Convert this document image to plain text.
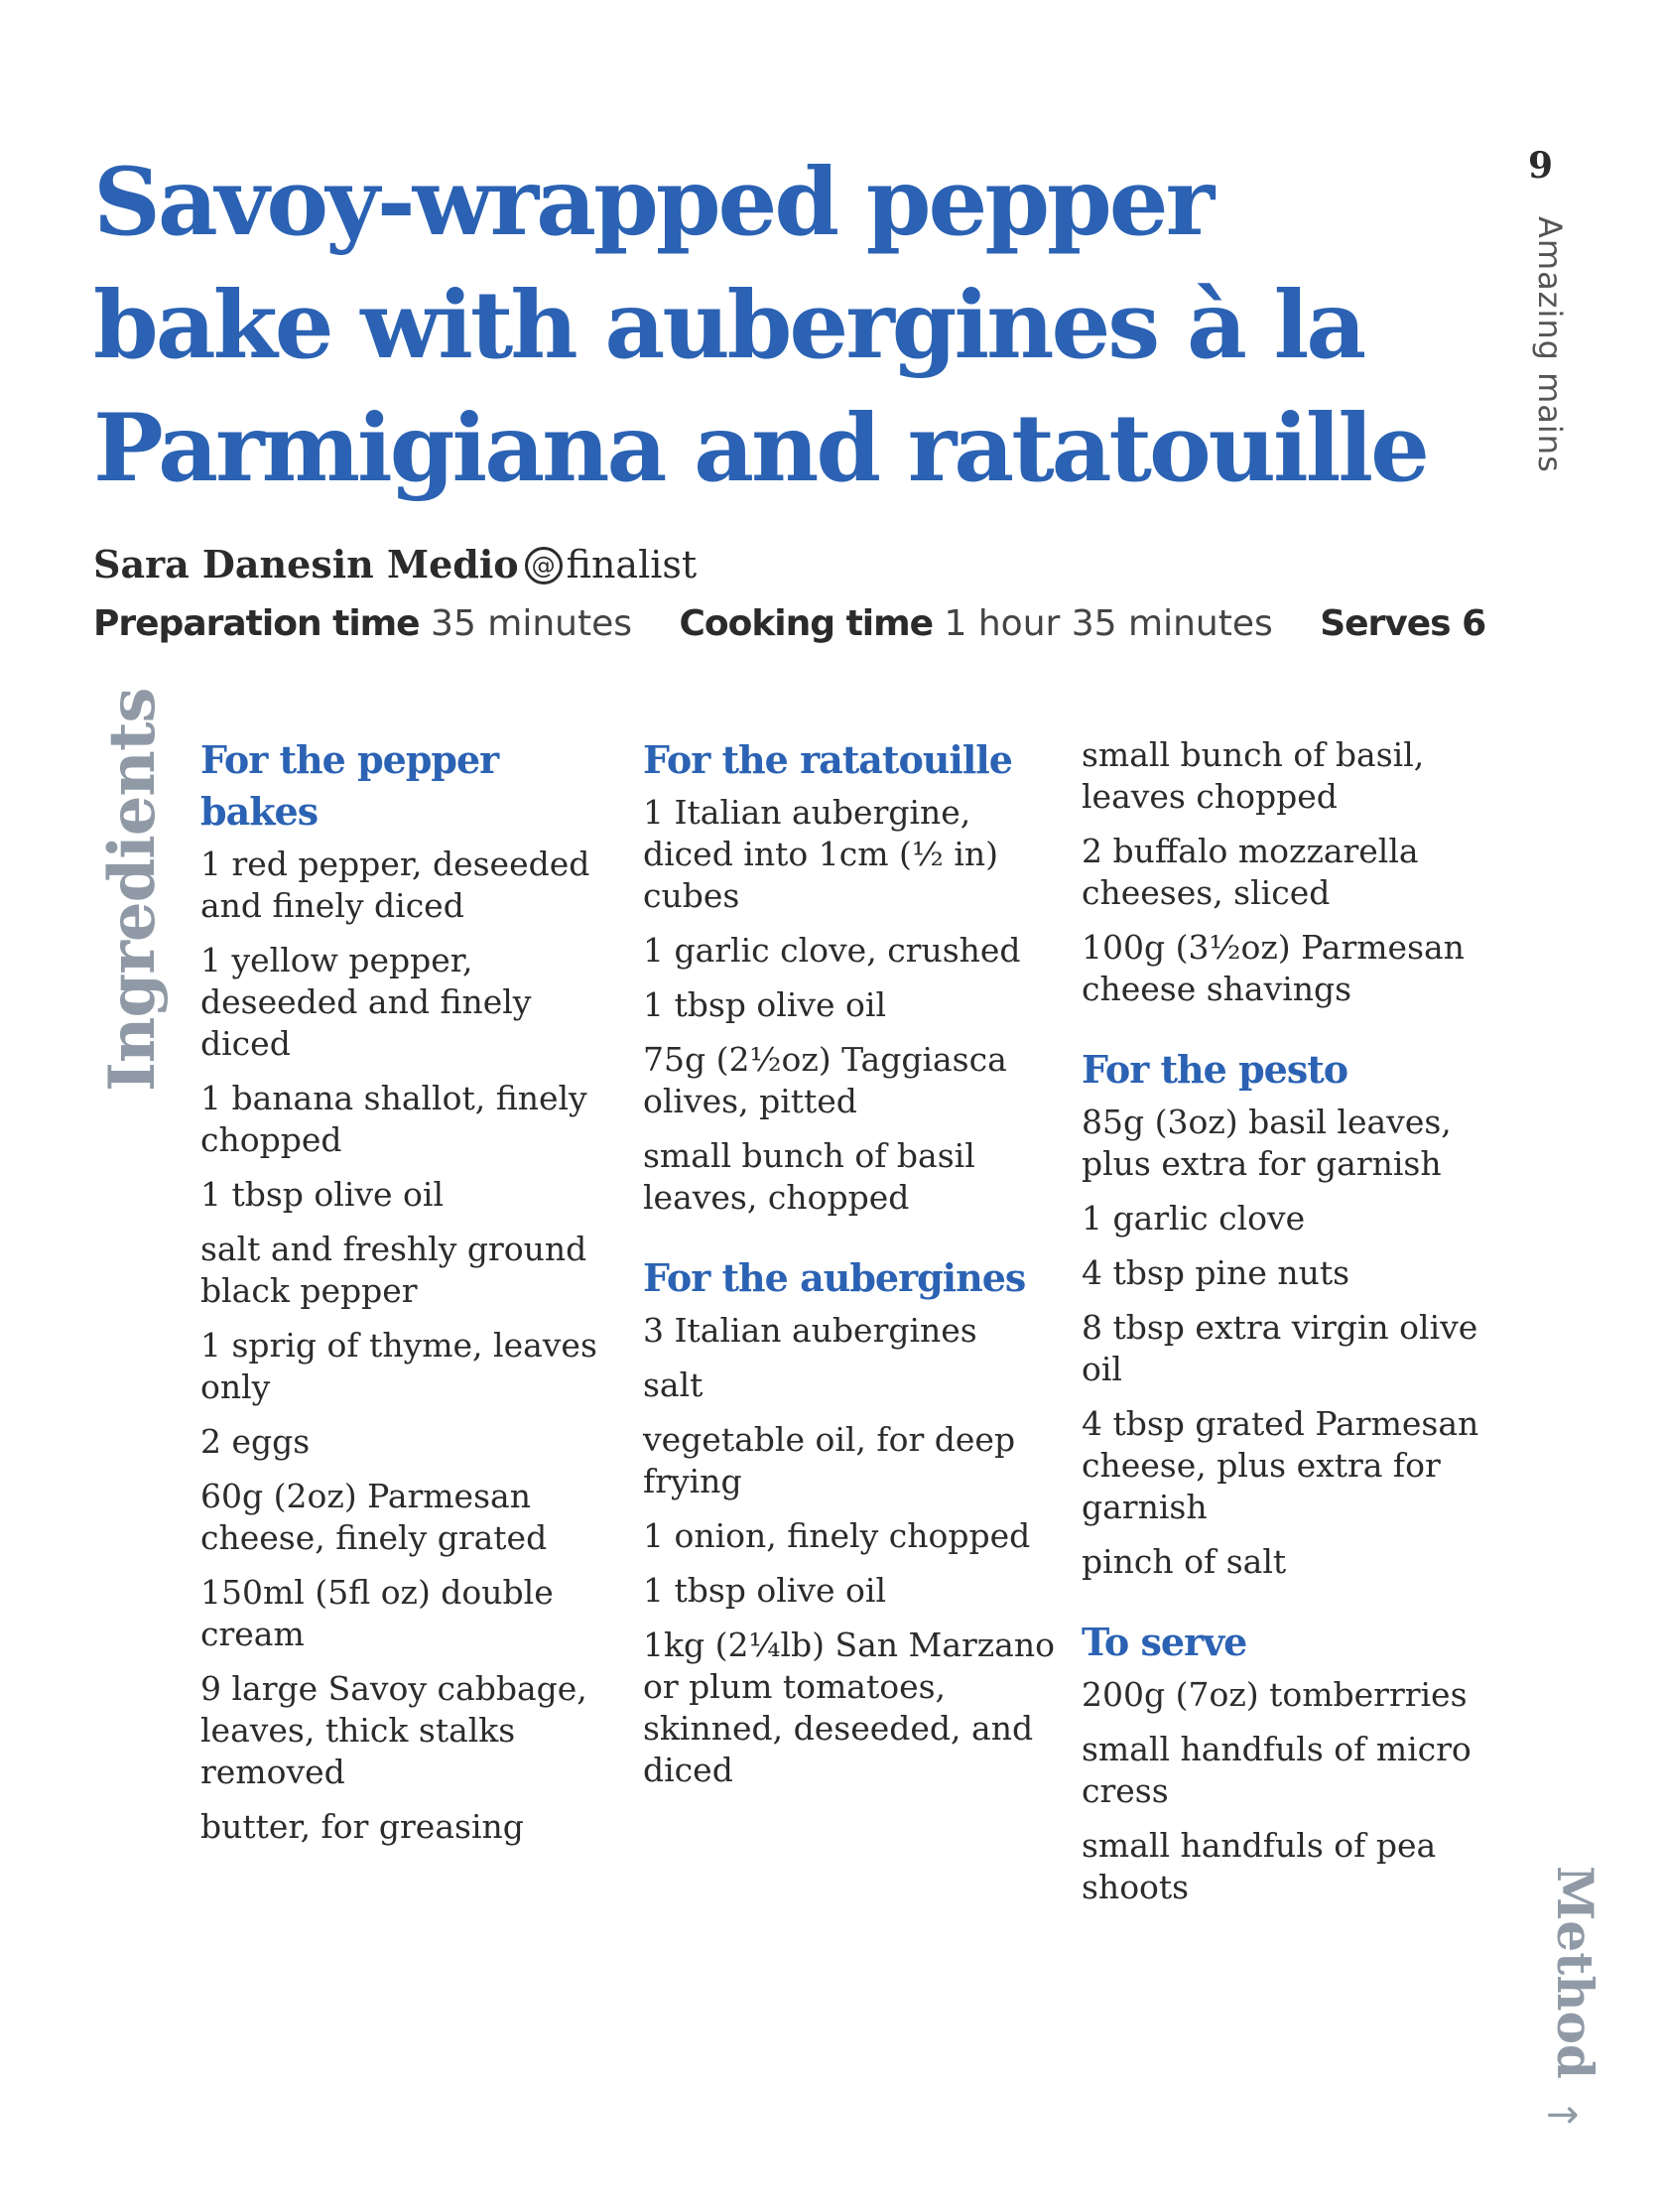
Savoy-wrapped pepper
bake with aubergines à la
Parmigiana and ratatouille
9
Amazing mains
Sara Danesin Medio @ finalist
Preparation time 35 minutes Cooking time 1 hour 35 minutes Serves 6
Ingredients For the pepper bakes
1 red pepper, deseeded and finely diced
1 yellow pepper, deseeded and finely diced
1 banana shallot, finely chopped
1 tbsp olive oil
salt and freshly ground black pepper
1 sprig of thyme, leaves only
2 eggs
60g (2oz) Parmesan cheese, finely grated
150ml (5fl oz) double cream
9 large Savoy cabbage, leaves, thick stalks removed
butter, for greasing
For the ratatouille
1 Italian aubergine, diced into 1cm (½ in) cubes
1 garlic clove, crushed
1 tbsp olive oil
75g (2½oz) Taggiasca olives, pitted
small bunch of basil leaves, chopped
For the aubergines
3 Italian aubergines
salt
vegetable oil, for deep frying
1 onion, finely chopped
1 tbsp olive oil
1kg (2¼lb) San Marzano or plum tomatoes, skinned, deseeded, and diced
small bunch of basil, leaves chopped
2 buffalo mozzarella cheeses, sliced
100g (3½oz) Parmesan cheese shavings
For the pesto
85g (3oz) basil leaves, plus extra for garnish
1 garlic clove
4 tbsp pine nuts
8 tbsp extra virgin olive oil
4 tbsp grated Parmesan cheese, plus extra for garnish
pinch of salt
To serve
200g (7oz) tomberrries
small handfuls of micro cress
small handfuls of pea shoots	Method
→
